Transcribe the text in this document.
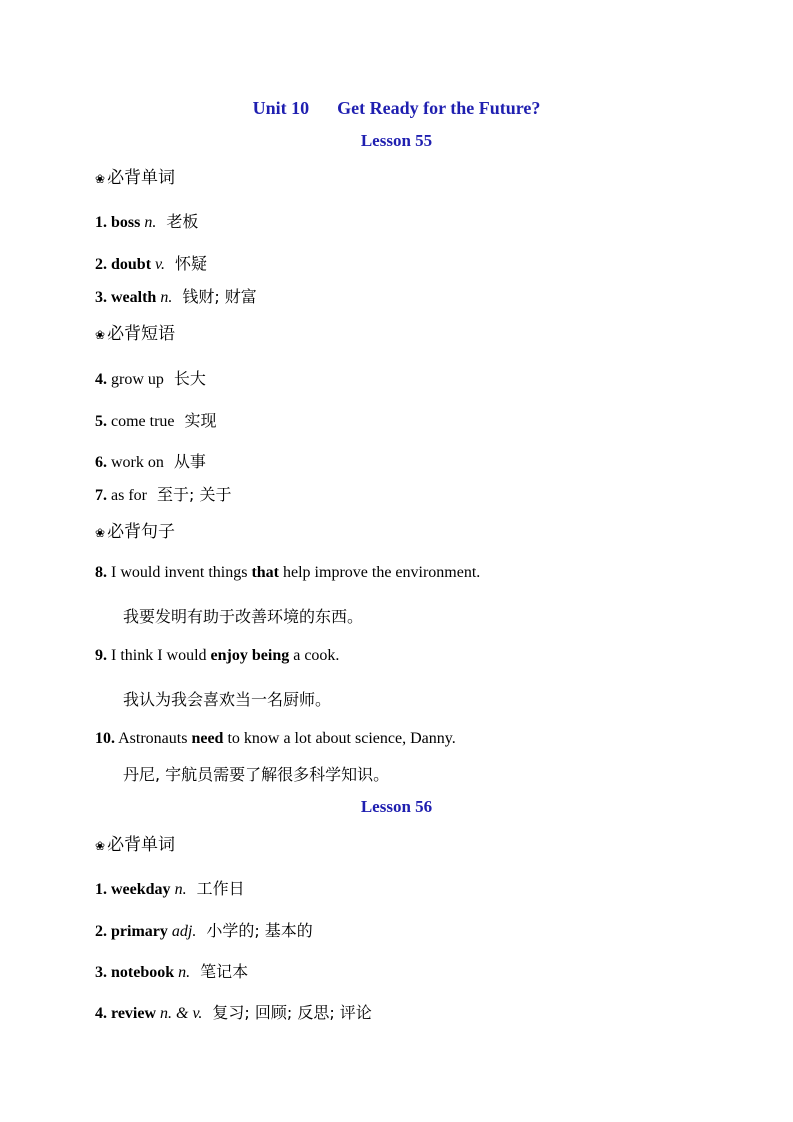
Unit 10 Get Ready for the Future?
Lesson 55
❀ 必背单词
1. boss n. 老板
2. doubt v. 怀疑
3. wealth n. 钱财; 财富
❀ 必背短语
4. grow up 长大
5. come true 实现
6. work on 从事
7. as for 至于; 关于
❀ 必背句子
8. I would invent things that help improve the environment.
我要发明有助于改善环境的东西。
9. I think I would enjoy being a cook.
我认为我会喜欢当一名厨师。
10. Astronauts need to know a lot about science, Danny.
丹尼, 宇航员需要了解很多科学知识。
Lesson 56
❀ 必背单词
1. weekday n. 工作日
2. primary adj. 小学的; 基本的
3. notebook n. 笔记本
4. review n. & v. 复习; 回顾; 反思; 评论
